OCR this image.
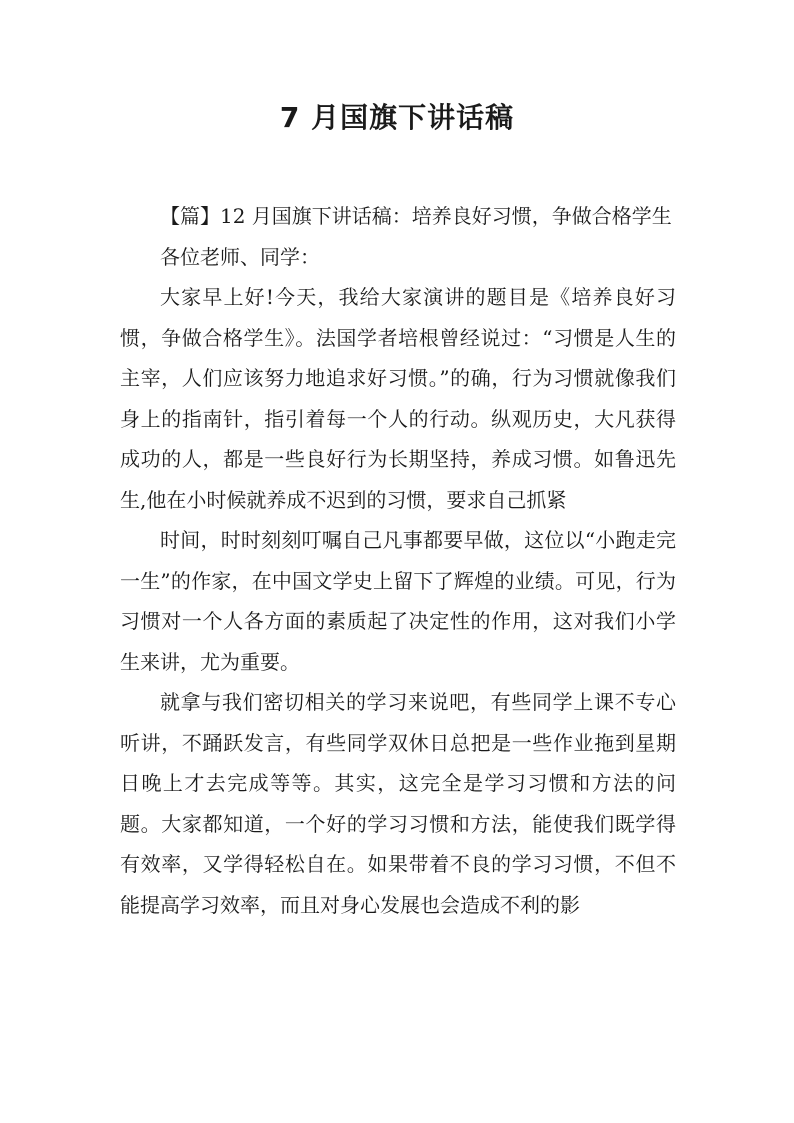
7 月国旗下讲话稿

【篇】12 月国旗下讲话稿：培养良好习惯，争做合格学生

各位老师、同学：

大家早上好!今天，我给大家演讲的题目是《培养良好习惯，争做合格学生》。法国学者培根曾经说过：“习惯是人生的主宰，人们应该努力地追求好习惯。”的确，行为习惯就像我们身上的指南针，指引着每一个人的行动。纵观历史，大凡获得成功的人，都是一些良好行为长期坚持，养成习惯。如鲁迅先生,他在小时候就养成不迟到的习惯，要求自己抓紧

时间，时时刻刻叮嘱自己凡事都要早做，这位以“小跑走完一生”的作家，在中国文学史上留下了辉煌的业绩。可见，行为习惯对一个人各方面的素质起了决定性的作用，这对我们小学生来讲，尤为重要。

就拿与我们密切相关的学习来说吧，有些同学上课不专心听讲，不踊跃发言，有些同学双休日总把是一些作业拖到星期日晚上才去完成等等。其实，这完全是学习习惯和方法的问题。大家都知道，一个好的学习习惯和方法，能使我们既学得有效率，又学得轻松自在。如果带着不良的学习习惯，不但不能提高学习效率，而且对身心发展也会造成不利的影
